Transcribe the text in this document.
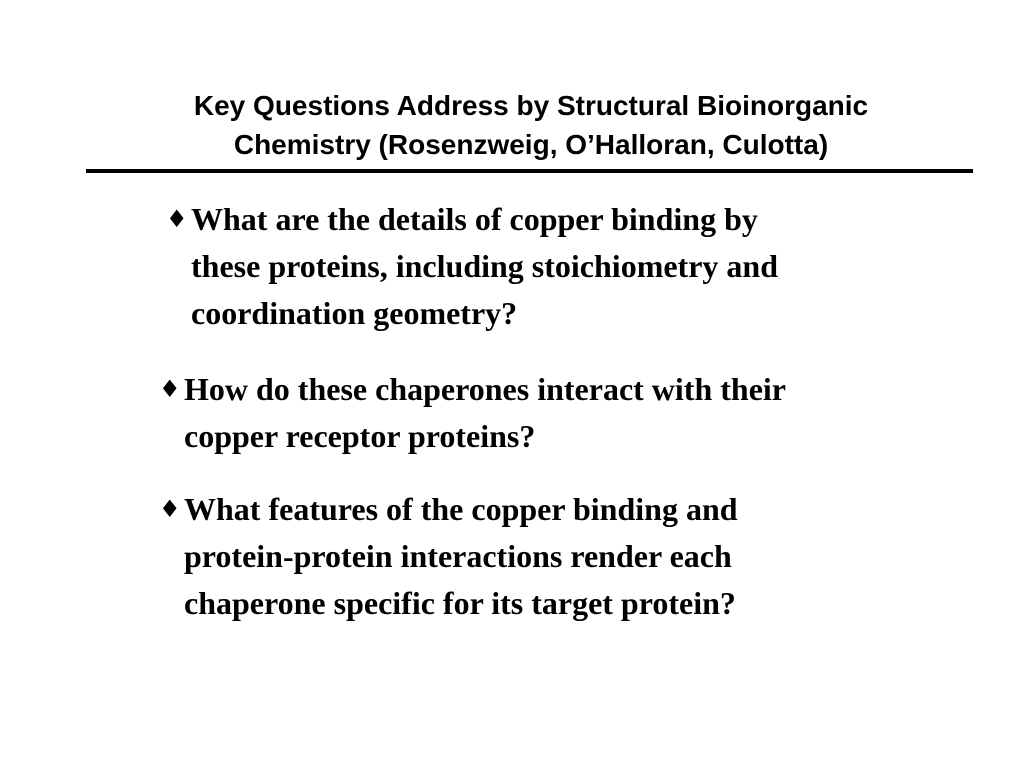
Key Questions Address by Structural Bioinorganic
Chemistry (Rosenzweig, O’Halloran, Culotta)
♦ What are the details of copper binding by
these proteins, including stoichiometry and
coordination geometry?
♦ How do these chaperones interact with their
copper receptor proteins?
♦ What features of the copper binding and
protein-protein interactions render each
chaperone specific for its target protein?
